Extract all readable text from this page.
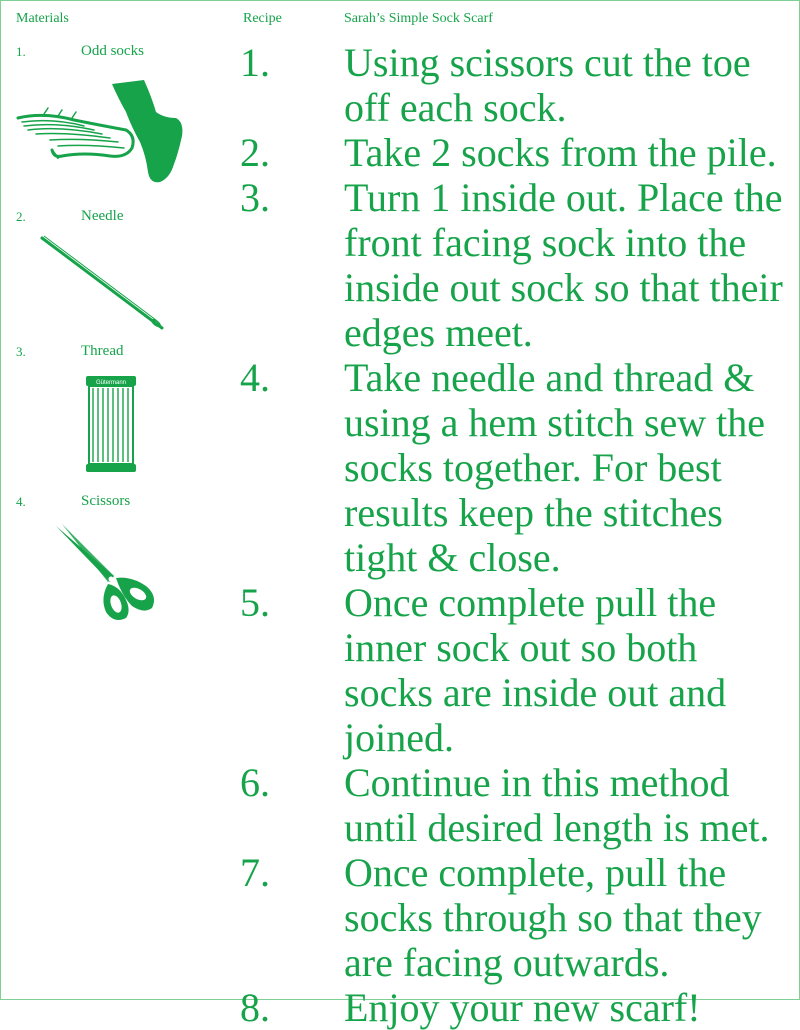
Materials	Recipe	Sarah’s Simple Sock Scarf
1.	Odd socks
2.	Needle
3.	Thread
Gütermann
4.	Scissors
1. Using scissors cut the toe off each sock.
2. Take 2 socks from the pile.
3. Turn 1 inside out. Place the front facing sock into the inside out sock so that their edges meet.
4. Take needle and thread & using a hem stitch sew the socks together. For best results keep the stitches tight & close.
5. Once complete pull the inner sock out so both socks are inside out and joined.
6. Continue in this method until desired length is met.
7. Once complete, pull the socks through so that they are facing outwards.
8. Enjoy your new scarf!
